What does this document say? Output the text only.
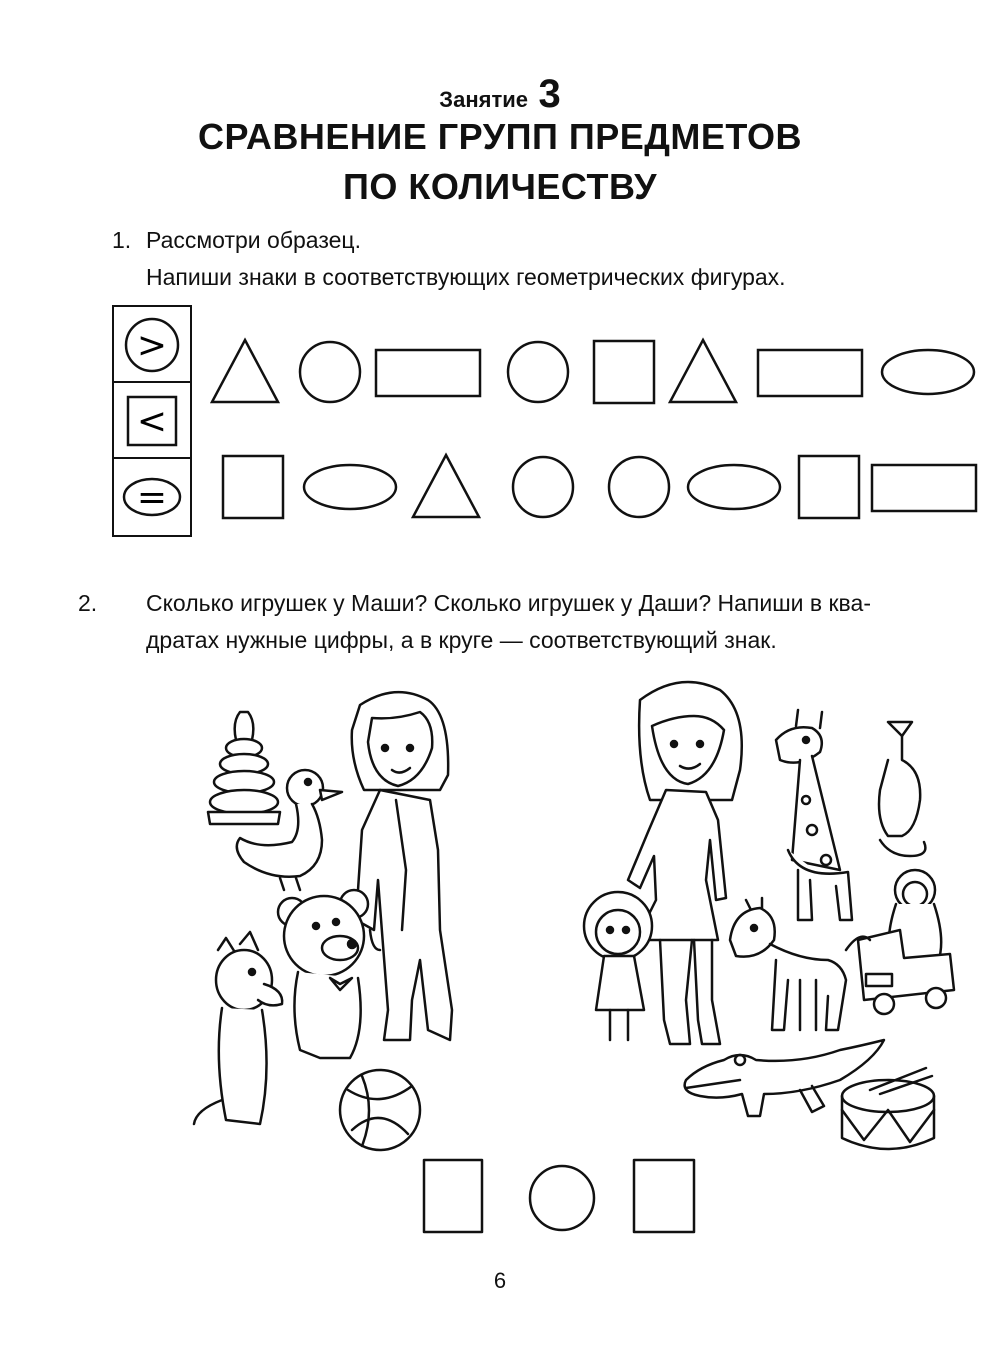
Занятие 3
СРАВНЕНИЕ ГРУПП ПРЕДМЕТОВ
ПО КОЛИЧЕСТВУ
1. Рассмотри образец.
Напиши знаки в соответствующих геометрических фигурах.
>
<
=
2. Сколько игрушек у Маши? Сколько игрушек у Даши? Напиши в ква-
дратах нужные цифры, а в круге — соответствующий знак.
6
